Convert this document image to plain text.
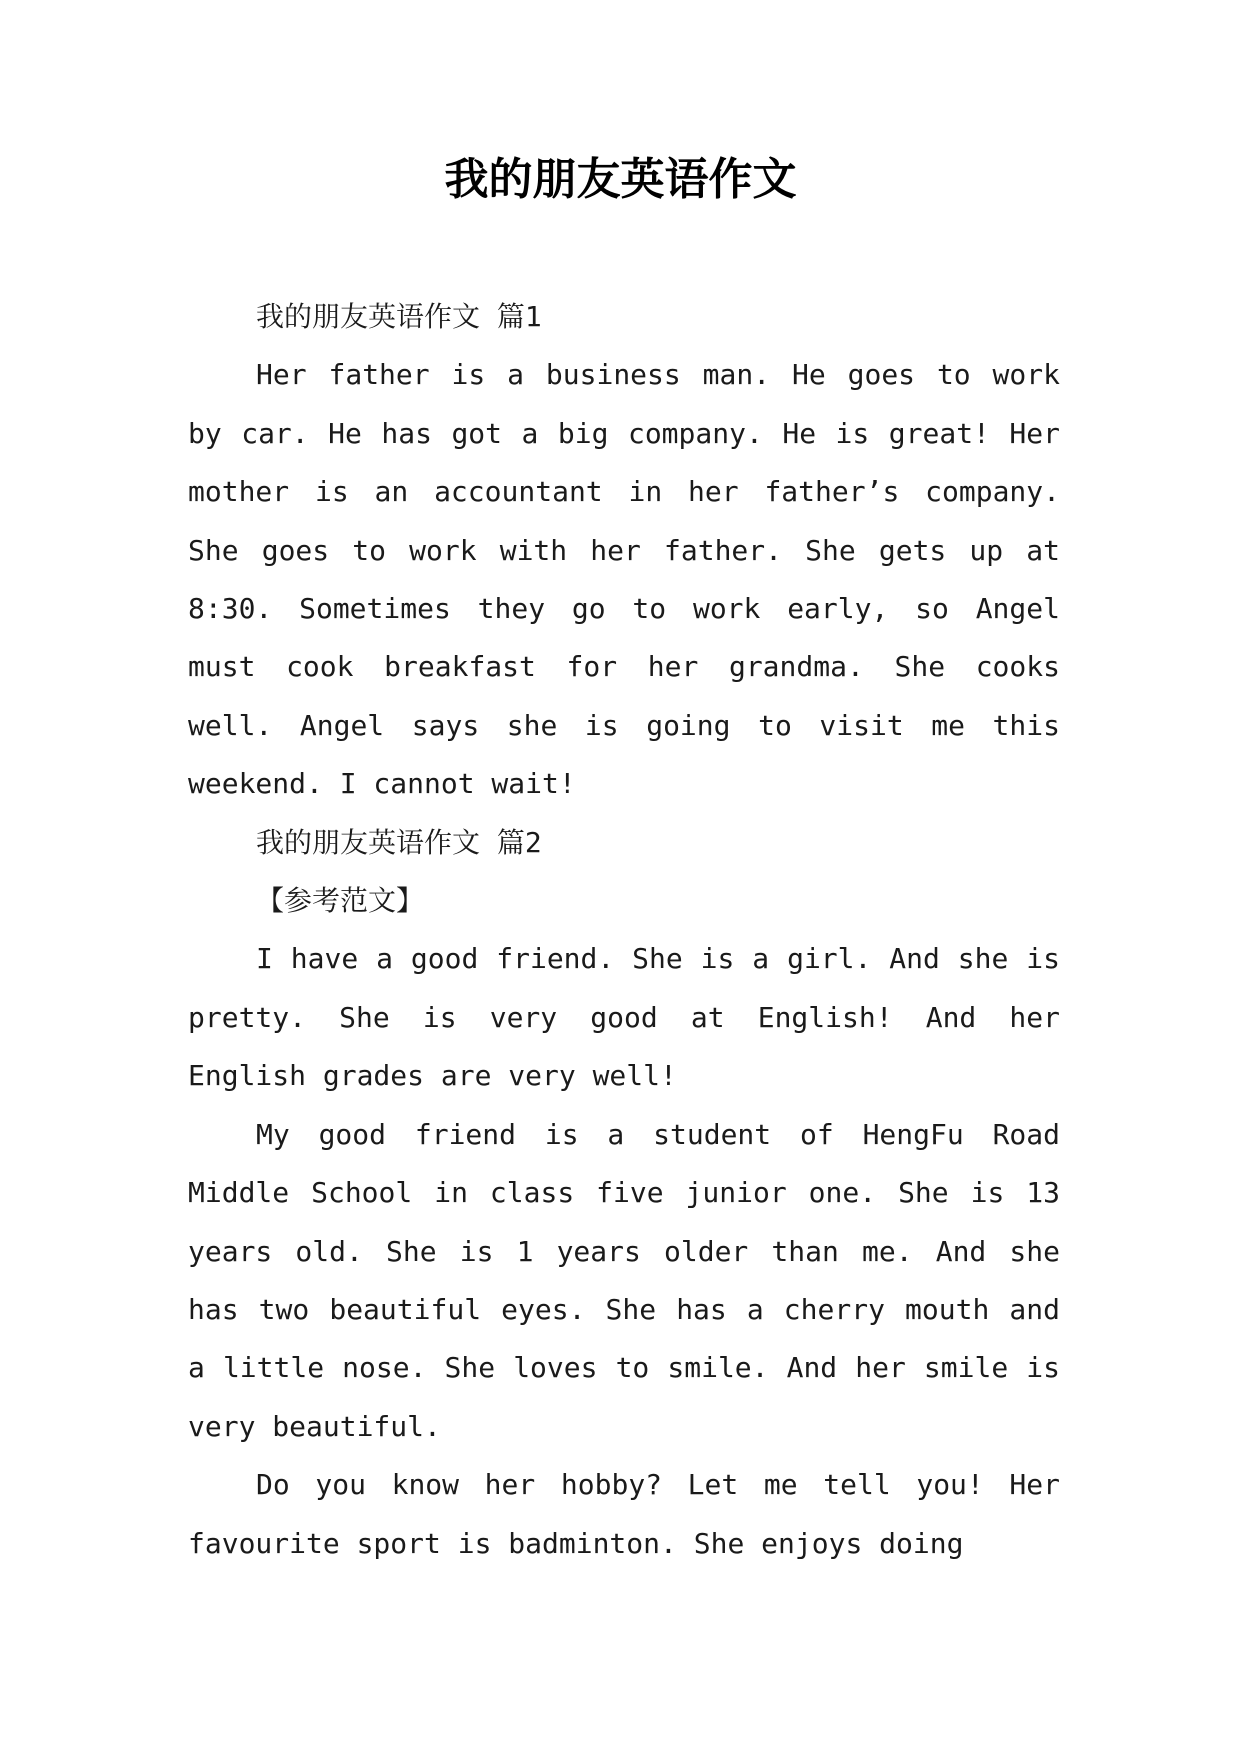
我的朋友英语作文

我的朋友英语作文 篇1

Her father is a business man. He goes to work by car. He has got a big company. He is great! Her mother is an accountant in her father’s company. She goes to work with her father. She gets up at 8:30. Sometimes they go to work early, so Angel must cook breakfast for her grandma. She cooks well. Angel says she is going to visit me this weekend. I cannot wait!

我的朋友英语作文 篇2

【参考范文】

I have a good friend. She is a girl. And she is pretty. She is very good at English! And her English grades are very well!

My good friend is a student of HengFu Road Middle School in class five junior one. She is 13 years old. She is 1 years older than me. And she has two beautiful eyes. She has a cherry mouth and a little nose. She loves to smile. And her smile is very beautiful.

Do you know her hobby? Let me tell you! Her favourite sport is badminton. She enjoys doing
